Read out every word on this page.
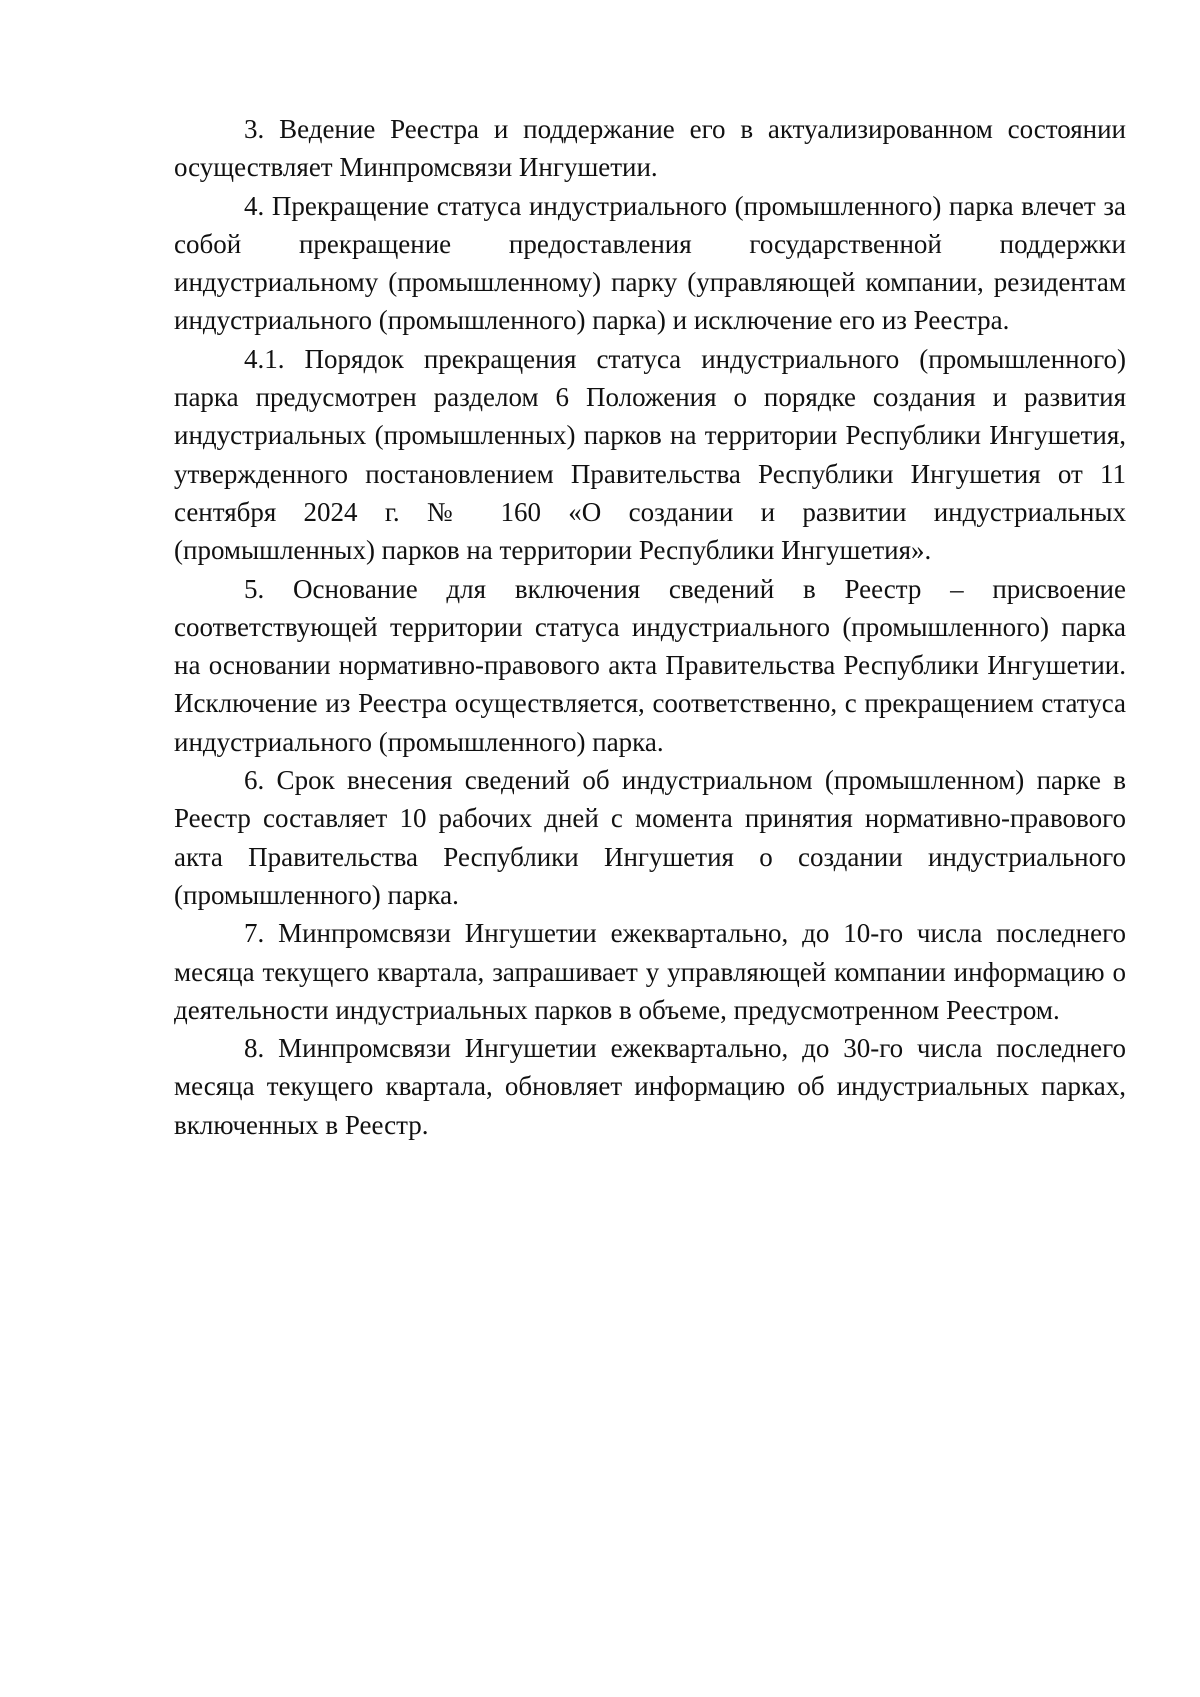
3. Ведение Реестра и поддержание его в актуализированном состоянии осуществляет Минпромсвязи Ингушетии.

4. Прекращение статуса индустриального (промышленного) парка влечет за собой прекращение предоставления государственной поддержки индустриальному (промышленному) парку (управляющей компании, резидентам индустриального (промышленного) парка) и исключение его из Реестра.

4.1. Порядок прекращения статуса индустриального (промышленного) парка предусмотрен разделом 6 Положения о порядке создания и развития индустриальных (промышленных) парков на территории Республики Ингушетия, утвержденного постановлением Правительства Республики Ингушетия от 11 сентября 2024 г. № 160 «О создании и развитии индустриальных (промышленных) парков на территории Республики Ингушетия».

5. Основание для включения сведений в Реестр – присвоение соответствующей территории статуса индустриального (промышленного) парка на основании нормативно-правового акта Правительства Республики Ингушетии. Исключение из Реестра осуществляется, соответственно, с прекращением статуса индустриального (промышленного) парка.

6. Срок внесения сведений об индустриальном (промышленном) парке в Реестр составляет 10 рабочих дней с момента принятия нормативно-правового акта Правительства Республики Ингушетия о создании индустриального (промышленного) парка.

7. Минпромсвязи Ингушетии ежеквартально, до 10-го числа последнего месяца текущего квартала, запрашивает у управляющей компании информацию о деятельности индустриальных парков в объеме, предусмотренном Реестром.

8. Минпромсвязи Ингушетии ежеквартально, до 30-го числа последнего месяца текущего квартала, обновляет информацию об индустриальных парках, включенных в Реестр.
